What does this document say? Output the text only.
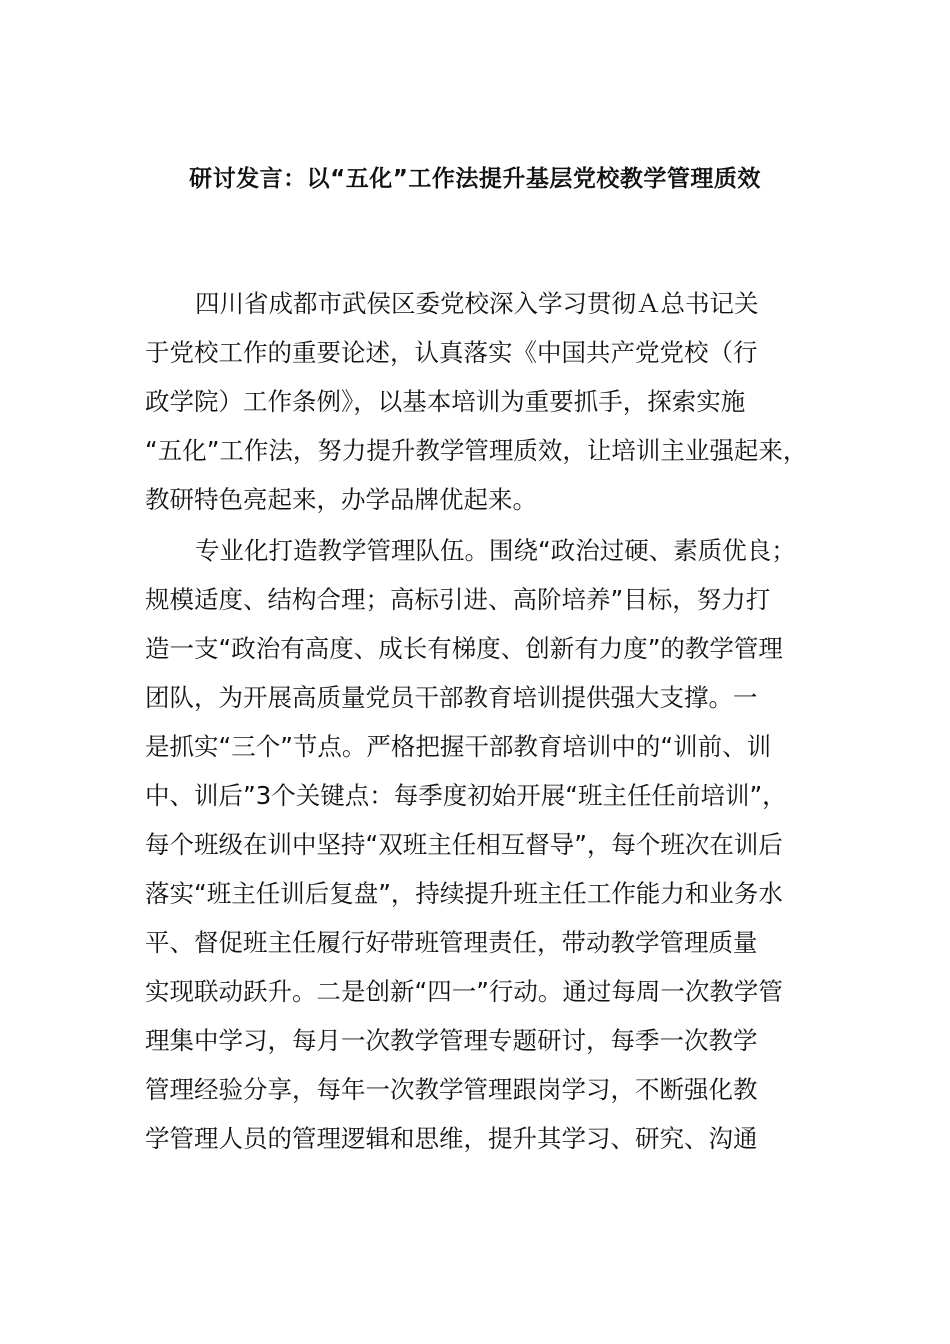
研讨发言：以“五化”工作法提升基层党校教学管理质效
四川省成都市武侯区委党校深入学习贯彻Ａ总书记关
于党校工作的重要论述，认真落实《中国共产党党校（行
政学院）工作条例》，以基本培训为重要抓手，探索实施
“五化”工作法，努力提升教学管理质效，让培训主业强起来，
教研特色亮起来，办学品牌优起来。
专业化打造教学管理队伍。围绕“政治过硬、素质优良；
规模适度、结构合理；高标引进、高阶培养”目标，努力打
造一支“政治有高度、成长有梯度、创新有力度”的教学管理
团队，为开展高质量党员干部教育培训提供强大支撑。一
是抓实“三个”节点。严格把握干部教育培训中的“训前、训
中、训后”3个关键点：每季度初始开展“班主任任前培训”，
每个班级在训中坚持“双班主任相互督导”，每个班次在训后
落实“班主任训后复盘”，持续提升班主任工作能力和业务水
平、督促班主任履行好带班管理责任，带动教学管理质量
实现联动跃升。二是创新“四一”行动。通过每周一次教学管
理集中学习，每月一次教学管理专题研讨，每季一次教学
管理经验分享，每年一次教学管理跟岗学习，不断强化教
学管理人员的管理逻辑和思维，提升其学习、研究、沟通
